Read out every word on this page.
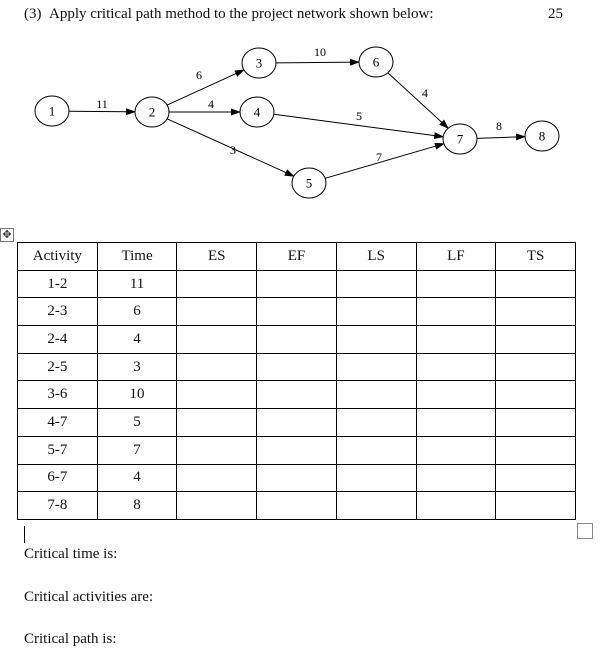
(3) Apply critical path method to the project network shown below:	25
11
6
4
3
10
5
7
4
8
1	2
3
4
5
6
7	8
✥
Activity	Time	ES	EF	LS	LF	TS
1-2	11					
2-3	6					
2-4	4					
2-5	3					
3-6	10					
4-7	5					
5-7	7					
6-7	4					
7-8	8					
Critical time is:
Critical activities are:
Critical path is:
